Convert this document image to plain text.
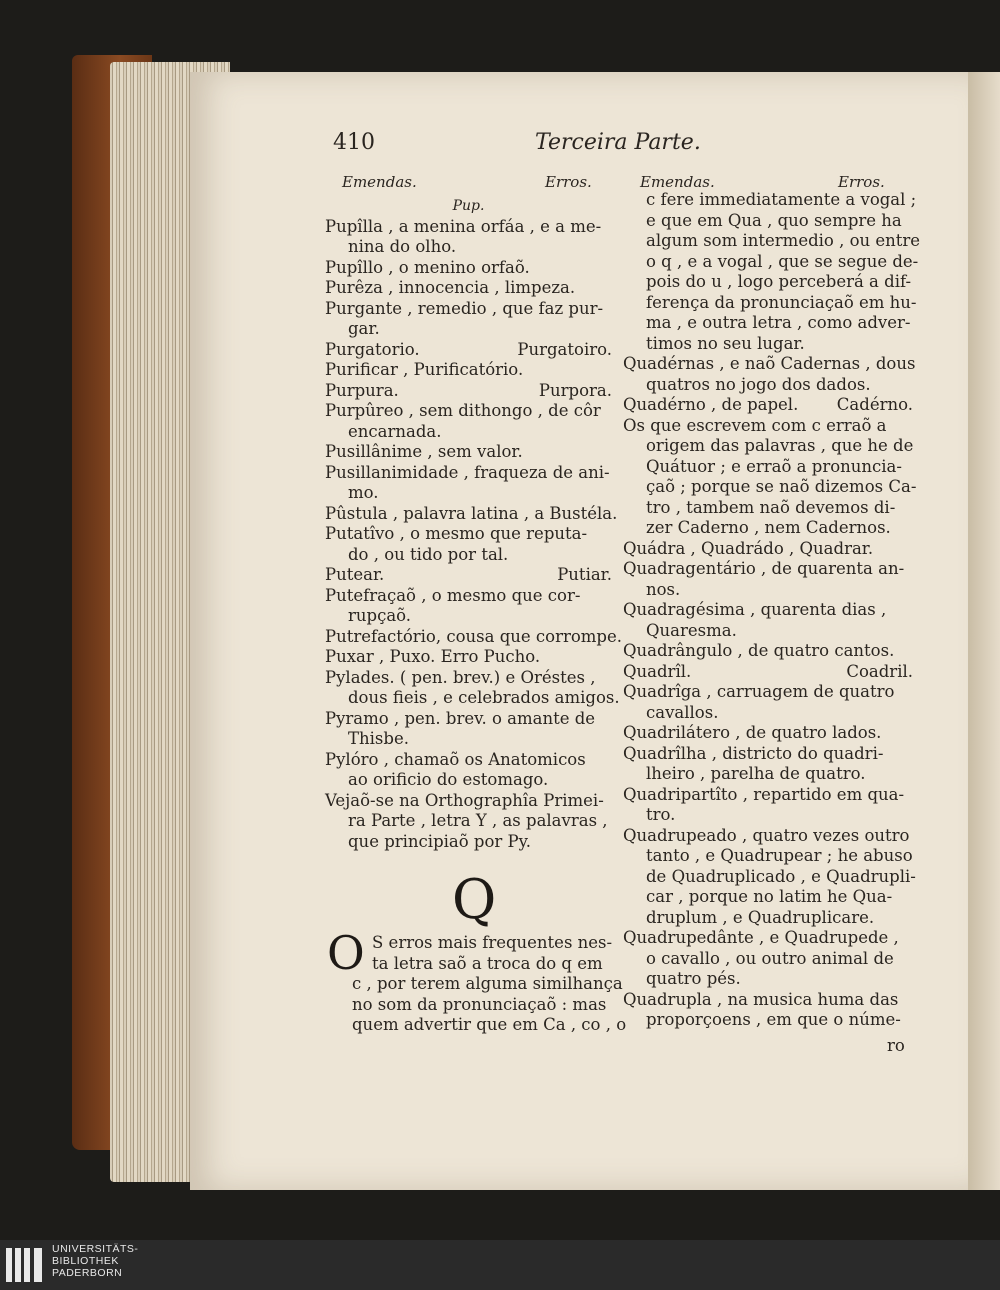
410	Terceira Parte.
Emendas.	Erros.	Emendas.	Erros.
Pup.
Pupîlla , a menina orfáa , e a me-
nina do olho.
Pupîllo , o menino orfaõ.
Purêza , innocencia , limpeza.
Purgante , remedio , que faz pur-
gar.
Purgatorio.	Purgatoiro.
Purificar , Purificatório.
Purpura.	Purpora.
Purpûreo , sem dithongo , de côr
encarnada.
Pusillânime , sem valor.
Pusillanimidade , fraqueza de ani-
mo.
Pûstula , palavra latina , a Bustéla.
Putatîvo , o mesmo que reputa-
do , ou tido por tal.
Putear.	Putiar.
Putefraçaõ , o mesmo que cor-
rupçaõ.
Putrefactório, cousa que corrompe.
Puxar , Puxo. Erro Pucho.
Pylades. ( pen. brev.) e Oréstes ,
dous fieis , e celebrados amigos.
Pyramo , pen. brev. o amante de
Thisbe.
Pylóro , chamaõ os Anatomicos
ao orificio do estomago.
Vejaõ-se na Orthographîa Primei-
ra Parte , letra Y , as palavras ,
que principiaõ por Py.
Q
O S erros mais frequentes nes-
ta letra saõ a troca do q em
c , por terem alguma similhança
no som da pronunciaçaõ : mas
quem advertir que em Ca , co , o
c fere immediatamente a vogal ;
e que em Qua , quo sempre ha
algum som intermedio , ou entre
o q , e a vogal , que se segue de-
pois do u , logo perceberá a dif-
ferença da pronunciaçaõ em hu-
ma , e outra letra , como adver-
timos no seu lugar.
Quadérnas , e naõ Cadernas , dous
quatros no jogo dos dados.
Quadérno , de papel. Cadérno.
Os que escrevem com c erraõ a
origem das palavras , que he de
Quátuor ; e erraõ a pronuncia-
çaõ ; porque se naõ dizemos Ca-
tro , tambem naõ devemos di-
zer Caderno , nem Cadernos.
Quádra , Quadrádo , Quadrar.
Quadragentário , de quarenta an-
nos.
Quadragésima , quarenta dias ,
Quaresma.
Quadrângulo , de quatro cantos.
Quadrîl.	Coadril.
Quadrîga , carruagem de quatro
cavallos.
Quadrilátero , de quatro lados.
Quadrîlha , districto do quadri-
lheiro , parelha de quatro.
Quadripartîto , repartido em qua-
tro.
Quadrupeado , quatro vezes outro
tanto , e Quadrupear ; he abuso
de Quadruplicado , e Quadrupli-
car , porque no latim he Qua-
druplum , e Quadruplicare.
Quadrupedânte , e Quadrupede ,
o cavallo , ou outro animal de
quatro pés.
Quadrupla , na musica huma das
proporçoens , em que o núme-
ro
UNIVERSITÄTS-
BIBLIOTHEK
PADERBORN
